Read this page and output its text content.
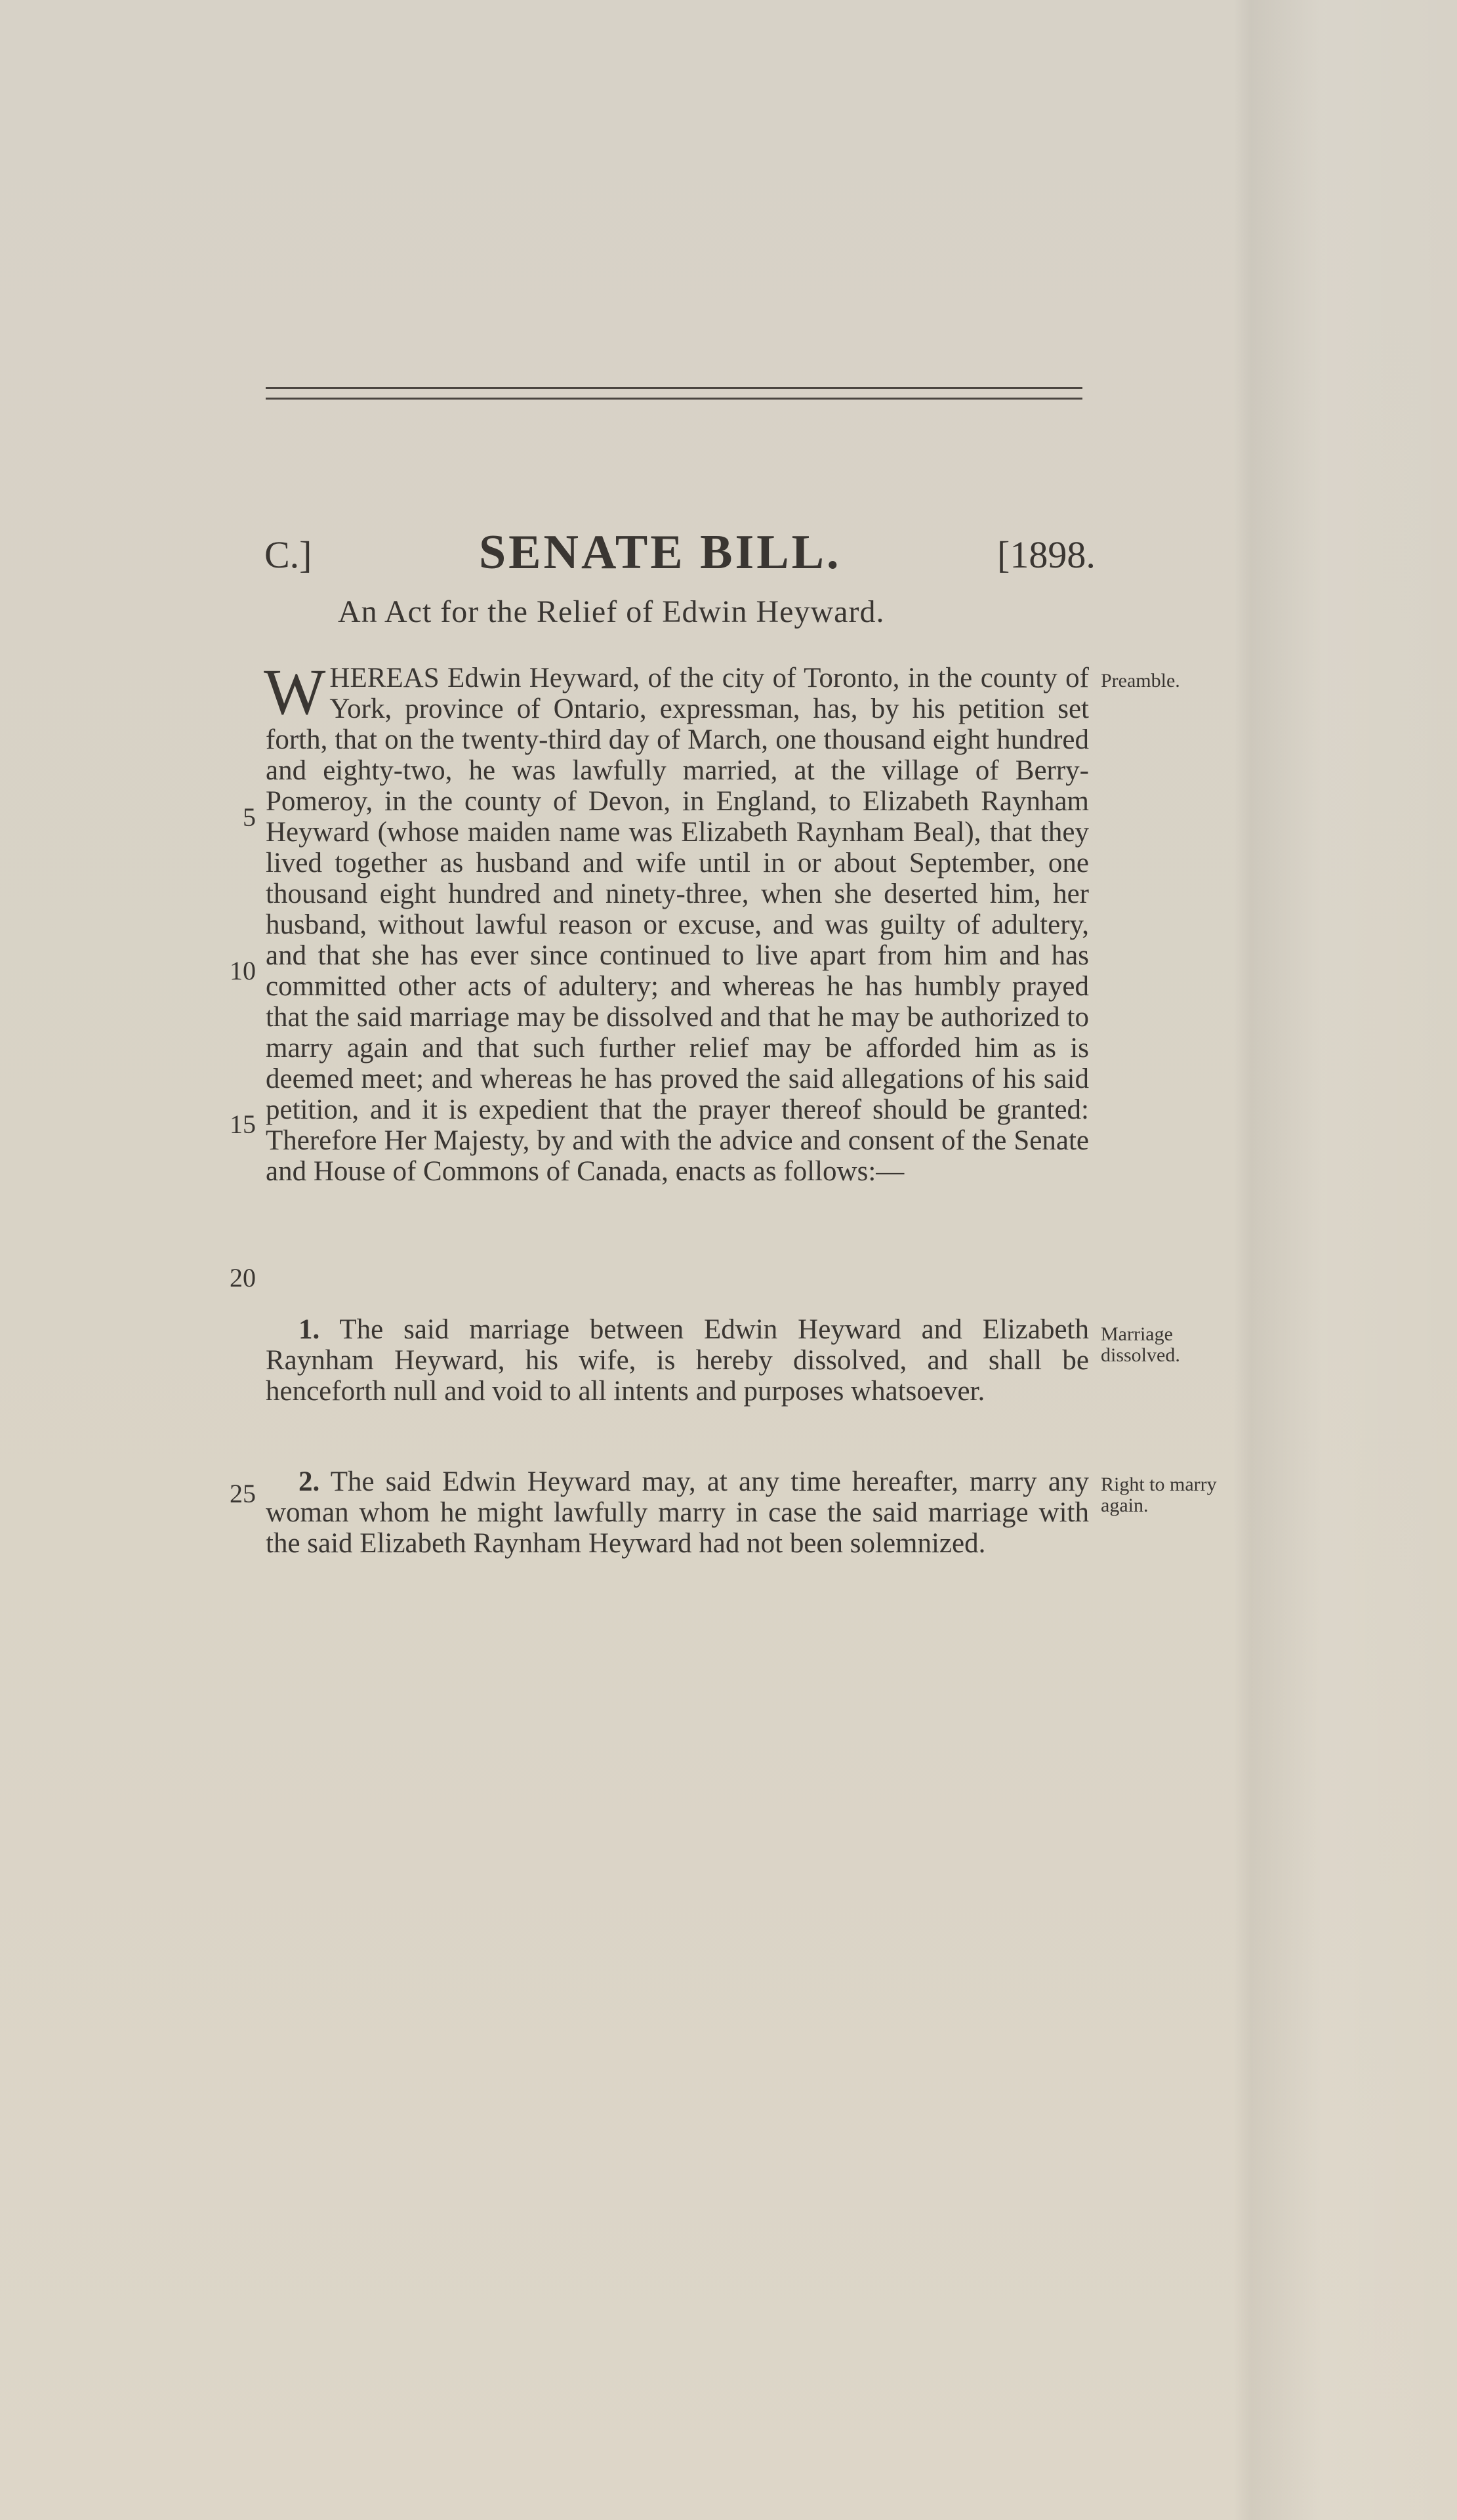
C.]	SENATE BILL.	[1898.
An Act for the Relief of Edwin Heyward.
WHEREAS Edwin Heyward, of the city of Toronto, in the county of York, province of Ontario, expressman, has, by his petition set forth, that on the twenty-third day of March, one thousand eight hundred and eighty-two, he was lawfully married, at the village of Berry-Pomeroy, in the county of Devon, in England, to Elizabeth Raynham Heyward (whose maiden name was Elizabeth Raynham Beal), that they lived together as husband and wife until in or about September, one thousand eight hundred and ninety-three, when she deserted him, her husband, without lawful reason or excuse, and was guilty of adultery, and that she has ever since continued to live apart from him and has committed other acts of adultery; and whereas he has humbly prayed that the said marriage may be dissolved and that he may be authorized to marry again and that such further relief may be afforded him as is deemed meet; and whereas he has proved the said allegations of his said petition, and it is expedient that the prayer thereof should be granted: Therefore Her Majesty, by and with the advice and consent of the Senate and House of Commons of Canada, enacts as follows:—
1. The said marriage between Edwin Heyward and Elizabeth Raynham Heyward, his wife, is hereby dissolved, and shall be henceforth null and void to all intents and purposes whatsoever.
2. The said Edwin Heyward may, at any time hereafter, marry any woman whom he might lawfully marry in case the said marriage with the said Elizabeth Raynham Heyward had not been solemnized.
5
10
15
20
25
Preamble.
Marriage dissolved.
Right to marry again.
